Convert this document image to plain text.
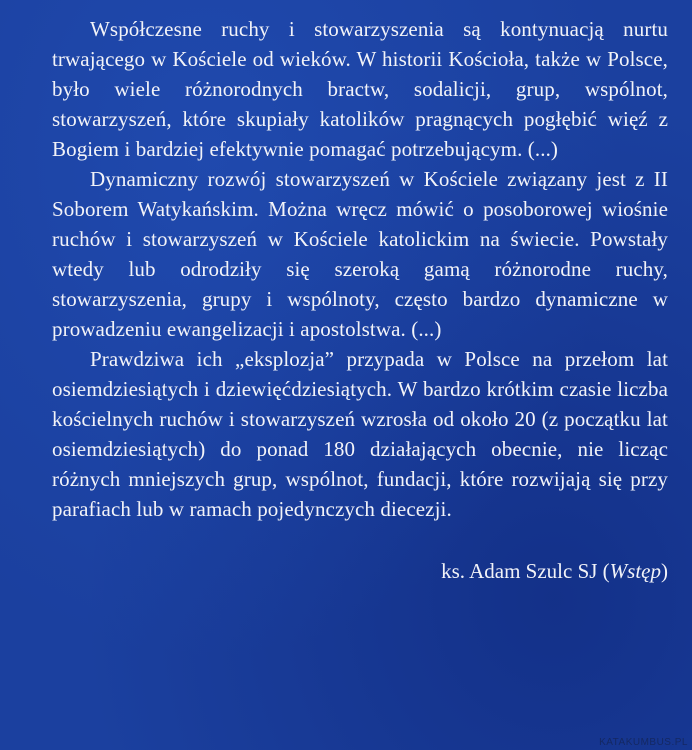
Współczesne ruchy i stowarzyszenia są kontynuacją nurtu trwającego w Kościele od wieków. W historii Kościoła, także w Polsce, było wiele różnorodnych bractw, sodalicji, grup, wspólnot, stowarzyszeń, które skupiały katolików pragnących pogłębić więź z Bogiem i bardziej efektywnie pomagać potrzebującym. (...)

Dynamiczny rozwój stowarzyszeń w Kościele związany jest z II Soborem Watykańskim. Można wręcz mówić o posoborowej wiośnie ruchów i stowarzyszeń w Kościele katolickim na świecie. Powstały wtedy lub odrodziły się szeroką gamą różnorodne ruchy, stowarzyszenia, grupy i wspólnoty, często bardzo dynamiczne w prowadzeniu ewangelizacji i apostolstwa. (...)

Prawdziwa ich „eksplozja” przypada w Polsce na przełom lat osiemdziesiątych i dziewięćdziesiątych. W bardzo krótkim czasie liczba kościelnych ruchów i stowarzyszeń wzrosła od około 20 (z początku lat osiemdziesiątych) do ponad 180 działających obecnie, nie licząc różnych mniejszych grup, wspólnot, fundacji, które rozwijają się przy parafiach lub w ramach pojedynczych diecezji.

ks. Adam Szulc SJ (Wstęp)

KATAKUMBUS.PL
